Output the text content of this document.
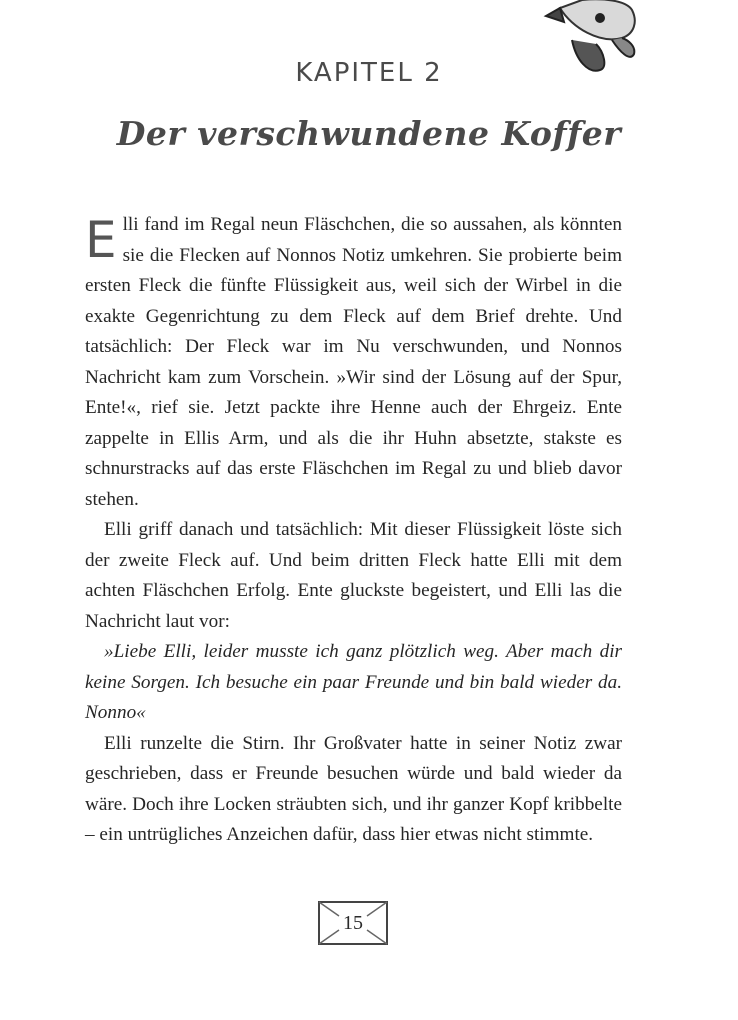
KAPITEL 2
Der verschwundene Koffer

Elli fand im Regal neun Fläschchen, die so aussahen, als könnten sie die Flecken auf Nonnos Notiz umkehren. Sie probierte beim ersten Fleck die fünfte Flüssigkeit aus, weil sich der Wirbel in die exakte Gegenrichtung zu dem Fleck auf dem Brief drehte. Und tatsächlich: Der Fleck war im Nu verschwunden, und Nonnos Nachricht kam zum Vorschein. »Wir sind der Lösung auf der Spur, Ente!«, rief sie. Jetzt packte ihre Henne auch der Ehrgeiz. Ente zappelte in Ellis Arm, und als die ihr Huhn absetzte, stakste es schnurstracks auf das erste Fläschchen im Regal zu und blieb davor stehen.

Elli griff danach und tatsächlich: Mit dieser Flüssigkeit löste sich der zweite Fleck auf. Und beim dritten Fleck hatte Elli mit dem achten Fläschchen Erfolg. Ente gluckste begeistert, und Elli las die Nachricht laut vor:

»Liebe Elli, leider musste ich ganz plötzlich weg. Aber mach dir keine Sorgen. Ich besuche ein paar Freunde und bin bald wieder da. Nonno«

Elli runzelte die Stirn. Ihr Großvater hatte in seiner Notiz zwar geschrieben, dass er Freunde besuchen würde und bald wieder da wäre. Doch ihre Locken sträubten sich, und ihr ganzer Kopf kribbelte – ein untrügliches Anzeichen dafür, dass hier etwas nicht stimmte.

15
